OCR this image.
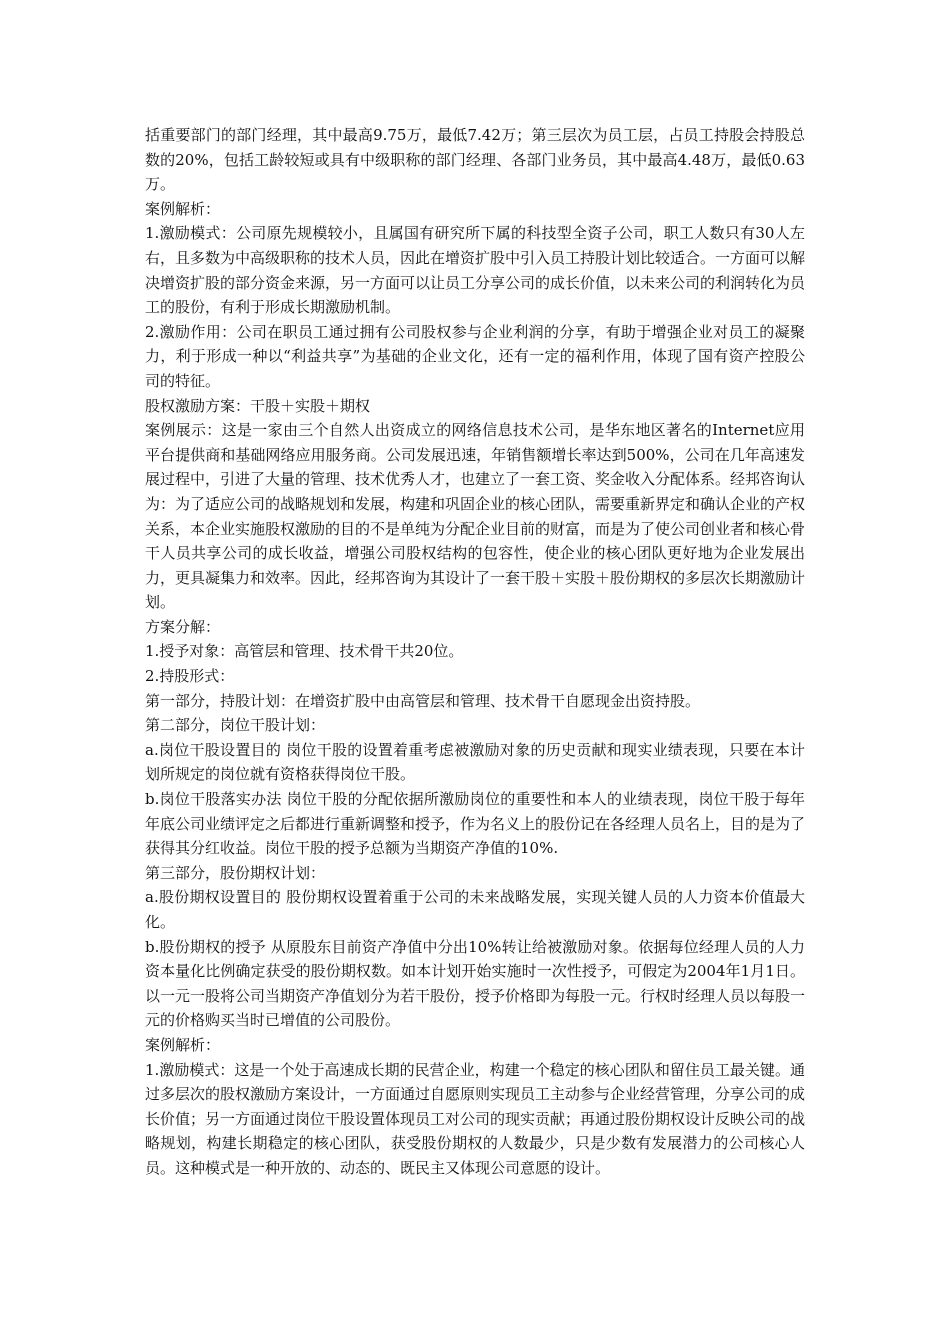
括重要部门的部门经理，其中最高9.75万，最低7.42万；第三层次为员工层，占员工持股会持股总数的20%，包括工龄较短或具有中级职称的部门经理、各部门业务员，其中最高4.48万，最低0.63万。

案例解析：

1.激励模式：公司原先规模较小，且属国有研究所下属的科技型全资子公司，职工人数只有30人左右，且多数为中高级职称的技术人员，因此在增资扩股中引入员工持股计划比较适合。一方面可以解决增资扩股的部分资金来源，另一方面可以让员工分享公司的成长价值，以未来公司的利润转化为员工的股份，有利于形成长期激励机制。

2.激励作用：公司在职员工通过拥有公司股权参与企业利润的分享，有助于增强企业对员工的凝聚力，利于形成一种以“利益共享”为基础的企业文化，还有一定的福利作用，体现了国有资产控股公司的特征。

股权激励方案：干股＋实股＋期权

案例展示：这是一家由三个自然人出资成立的网络信息技术公司，是华东地区著名的Internet应用平台提供商和基础网络应用服务商。公司发展迅速，年销售额增长率达到500%，公司在几年高速发展过程中，引进了大量的管理、技术优秀人才，也建立了一套工资、奖金收入分配体系。经邦咨询认为：为了适应公司的战略规划和发展，构建和巩固企业的核心团队，需要重新界定和确认企业的产权关系，本企业实施股权激励的目的不是单纯为分配企业目前的财富，而是为了使公司创业者和核心骨干人员共享公司的成长收益，增强公司股权结构的包容性，使企业的核心团队更好地为企业发展出力，更具凝集力和效率。因此，经邦咨询为其设计了一套干股＋实股＋股份期权的多层次长期激励计划。

方案分解：

1.授予对象：高管层和管理、技术骨干共20位。

2.持股形式：

第一部分，持股计划：在增资扩股中由高管层和管理、技术骨干自愿现金出资持股。

第二部分，岗位干股计划：

a.岗位干股设置目的 岗位干股的设置着重考虑被激励对象的历史贡献和现实业绩表现，只要在本计划所规定的岗位就有资格获得岗位干股。

b.岗位干股落实办法 岗位干股的分配依据所激励岗位的重要性和本人的业绩表现，岗位干股于每年年底公司业绩评定之后都进行重新调整和授予，作为名义上的股份记在各经理人员名上，目的是为了获得其分红收益。岗位干股的授予总额为当期资产净值的10%.

第三部分，股份期权计划：

a.股份期权设置目的 股份期权设置着重于公司的未来战略发展，实现关键人员的人力资本价值最大化。

b.股份期权的授予 从原股东目前资产净值中分出10%转让给被激励对象。依据每位经理人员的人力资本量化比例确定获受的股份期权数。如本计划开始实施时一次性授予，可假定为2004年1月1日。以一元一股将公司当期资产净值划分为若干股份，授予价格即为每股一元。行权时经理人员以每股一元的价格购买当时已增值的公司股份。

案例解析：

1.激励模式：这是一个处于高速成长期的民营企业，构建一个稳定的核心团队和留住员工最关键。通过多层次的股权激励方案设计，一方面通过自愿原则实现员工主动参与企业经营管理，分享公司的成长价值；另一方面通过岗位干股设置体现员工对公司的现实贡献；再通过股份期权设计反映公司的战略规划，构建长期稳定的核心团队，获受股份期权的人数最少，只是少数有发展潜力的公司核心人员。这种模式是一种开放的、动态的、既民主又体现公司意愿的设计。
